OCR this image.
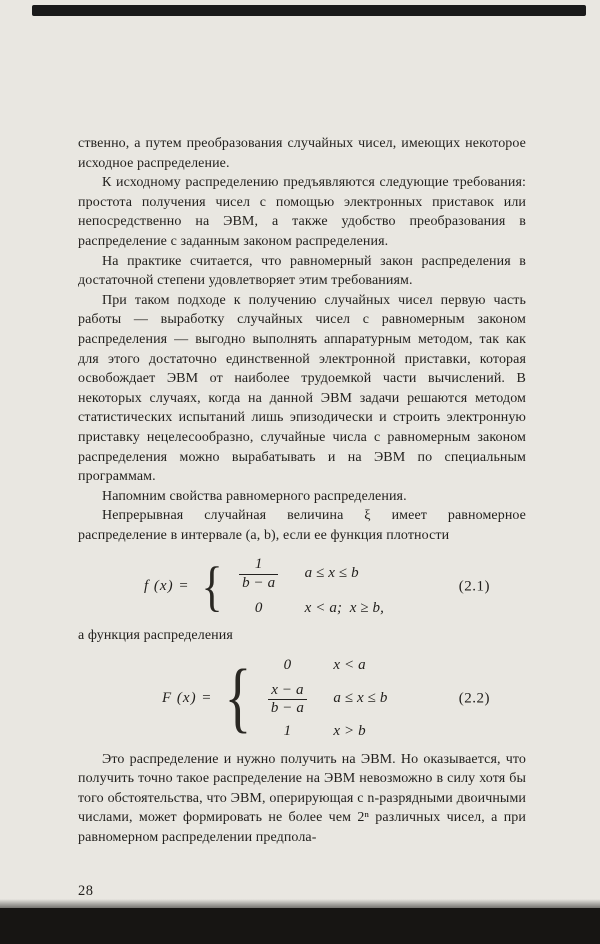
ственно, а путем преобразования случайных чисел, имеющих некоторое исходное распределение.

К исходному распределению предъявляются следующие требования: простота получения чисел с помощью электронных приставок или непосредственно на ЭВМ, а также удобство преобразования в распределение с заданным законом распределения.

На практике считается, что равномерный закон распределения в достаточной степени удовлетворяет этим требованиям.

При таком подходе к получению случайных чисел первую часть работы — выработку случайных чисел с равномерным законом распределения — выгодно выполнять аппаратурным методом, так как для этого достаточно единственной электронной приставки, которая освобождает ЭВМ от наиболее трудоемкой части вычислений. В некоторых случаях, когда на данной ЭВМ задачи решаются методом статистических испытаний лишь эпизодически и строить электронную приставку нецелесообразно, случайные числа с равномерным законом распределения можно вырабатывать и на ЭВМ по специальным программам.

Напомним свойства равномерного распределения.

Непрерывная случайная величина ξ имеет равномерное распределение в интервале (a, b), если ее функция плотности

f (x) = { $\frac{1}{b - a}$	a ≤ x ≤ b
0	x < a;  x ≥ b,
(2.1)

а функция распределения

F (x) = {	0	x < a
$\frac{x - a}{b - a}$	a ≤ x ≤ b
1	x > b
(2.2)

Это распределение и нужно получить на ЭВМ. Но оказывается, что получить точно такое распределение на ЭВМ невозможно в силу хотя бы того обстоятельства, что ЭВМ, оперирующая с n-разрядными двоичными числами, может формировать не более чем 2ⁿ различных чисел, а при равномерном распределении предпола-

28
